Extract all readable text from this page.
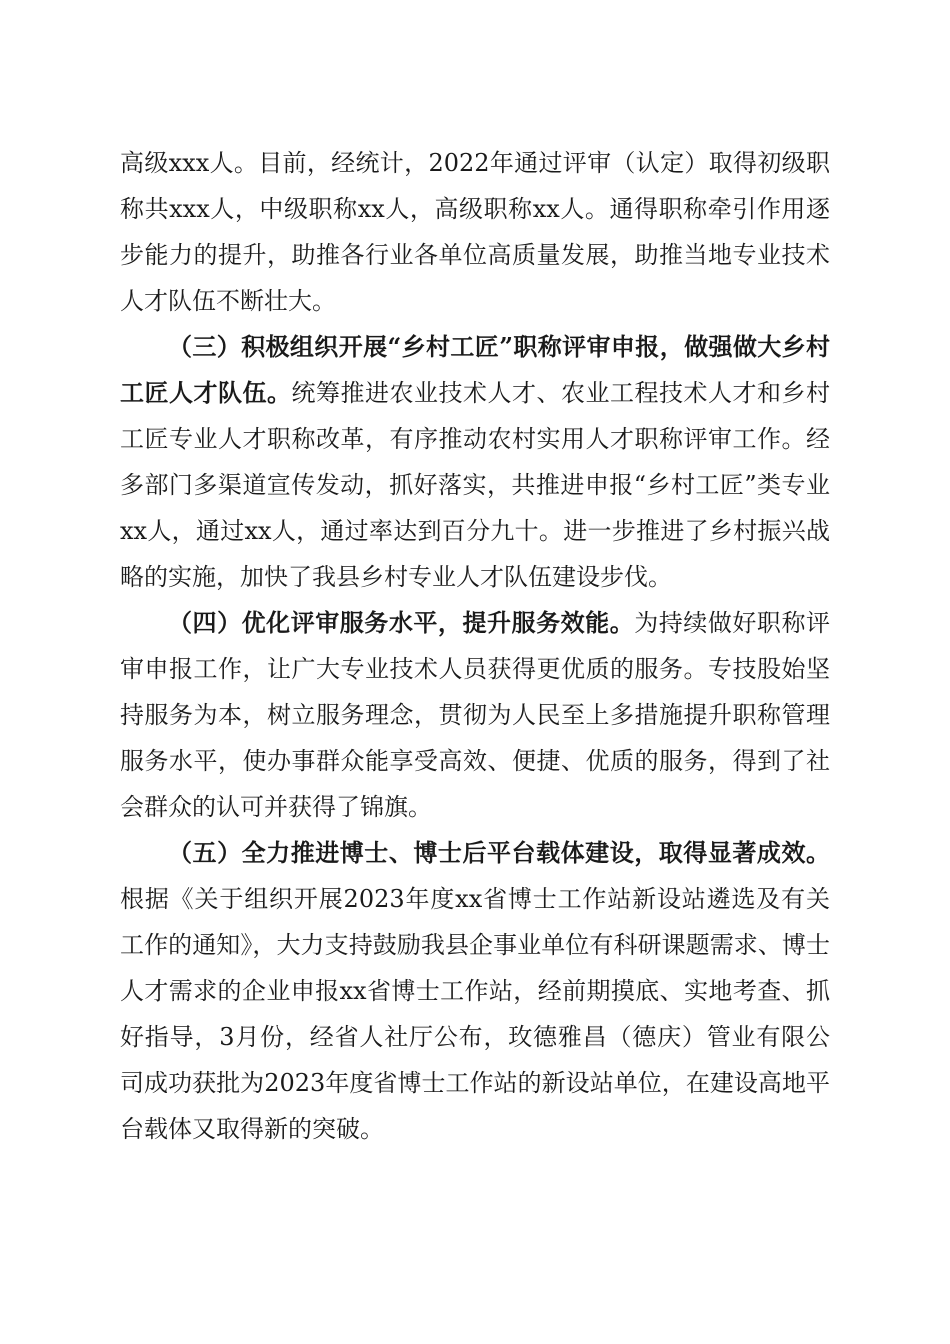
高级xxx人。目前，经统计，2022年通过评审（认定）取得初级职称共xxx人，中级职称xx人，高级职称xx人。通得职称牵引作用逐步能力的提升，助推各行业各单位高质量发展，助推当地专业技术人才队伍不断壮大。

（三）积极组织开展“乡村工匠”职称评审申报，做强做大乡村工匠人才队伍。统筹推进农业技术人才、农业工程技术人才和乡村工匠专业人才职称改革，有序推动农村实用人才职称评审工作。经多部门多渠道宣传发动，抓好落实，共推进申报“乡村工匠”类专业xx人，通过xx人，通过率达到百分九十。进一步推进了乡村振兴战略的实施，加快了我县乡村专业人才队伍建设步伐。

（四）优化评审服务水平，提升服务效能。为持续做好职称评审申报工作，让广大专业技术人员获得更优质的服务。专技股始坚持服务为本，树立服务理念，贯彻为人民至上多措施提升职称管理服务水平，使办事群众能享受高效、便捷、优质的服务，得到了社会群众的认可并获得了锦旗。

（五）全力推进博士、博士后平台载体建设，取得显著成效。根据《关于组织开展2023年度xx省博士工作站新设站遴选及有关工作的通知》，大力支持鼓励我县企事业单位有科研课题需求、博士人才需求的企业申报xx省博士工作站，经前期摸底、实地考查、抓好指导，3月份，经省人社厅公布，玫德雅昌（德庆）管业有限公司成功获批为2023年度省博士工作站的新设站单位，在建设高地平台载体又取得新的突破。
